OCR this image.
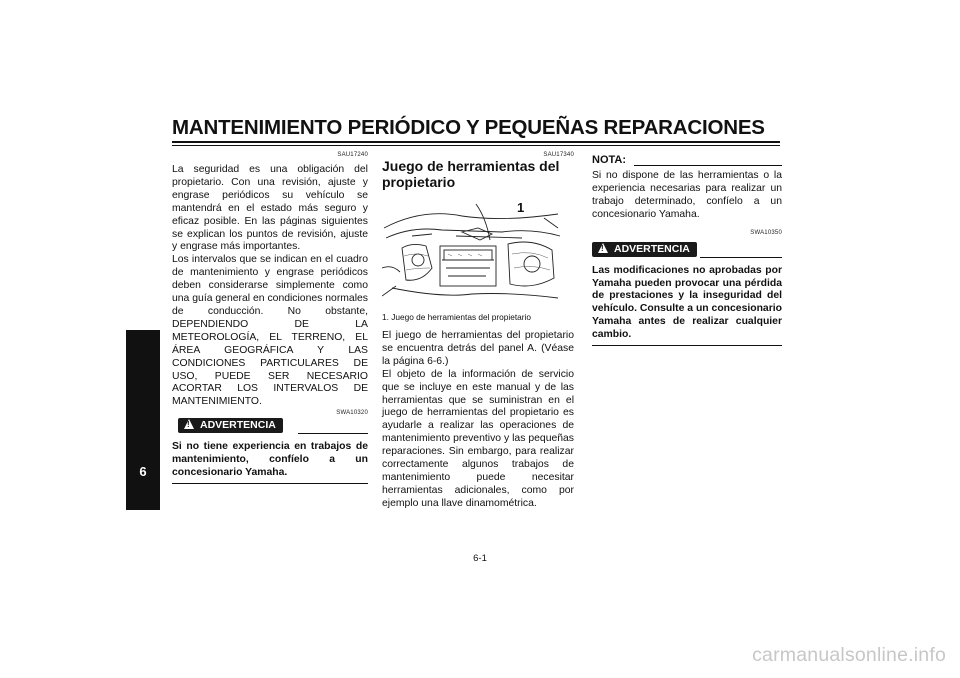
MANTENIMIENTO PERIÓDICO Y PEQUEÑAS REPARACIONES
6
SAU17240

La seguridad es una obligación del propietario. Con una revisión, ajuste y engrase periódicos su vehículo se mantendrá en el estado más seguro y eficaz posible. En las páginas siguientes se explican los puntos de revisión, ajuste y engrase más importantes.

Los intervalos que se indican en el cuadro de mantenimiento y engrase periódicos deben considerarse simplemente como una guía general en condiciones normales de conducción. No obstante, DEPENDIENDO DE LA METEOROLOGÍA, EL TERRENO, EL ÁREA GEOGRÁFICA Y LAS CONDICIONES PARTICULARES DE USO, PUEDE SER NECESARIO ACORTAR LOS INTERVALOS DE MANTENIMIENTO.

SWA10320
!ADVERTENCIA

Si no tiene experiencia en trabajos de mantenimiento, confíelo a un concesionario Yamaha.

SAU17340
Juego de herramientas del propietario
1
1. Juego de herramientas del propietario

El juego de herramientas del propietario se encuentra detrás del panel A. (Véase la página 6-6.)

El objeto de la información de servicio que se incluye en este manual y de las herramientas que se suministran en el juego de herramientas del propietario es ayudarle a realizar las operaciones de mantenimiento preventivo y las pequeñas reparaciones. Sin embargo, para realizar correctamente algunos trabajos de mantenimiento puede necesitar herramientas adicionales, como por ejemplo una llave dinamométrica.

NOTA:

Si no dispone de las herramientas o la experiencia necesarias para realizar un trabajo determinado, confíelo a un concesionario Yamaha.

SWA10350
!ADVERTENCIA

Las modificaciones no aprobadas por Yamaha pueden provocar una pérdida de prestaciones y la inseguridad del vehículo. Consulte a un concesionario Yamaha antes de realizar cualquier cambio.

6-1
carmanualsonline.info
